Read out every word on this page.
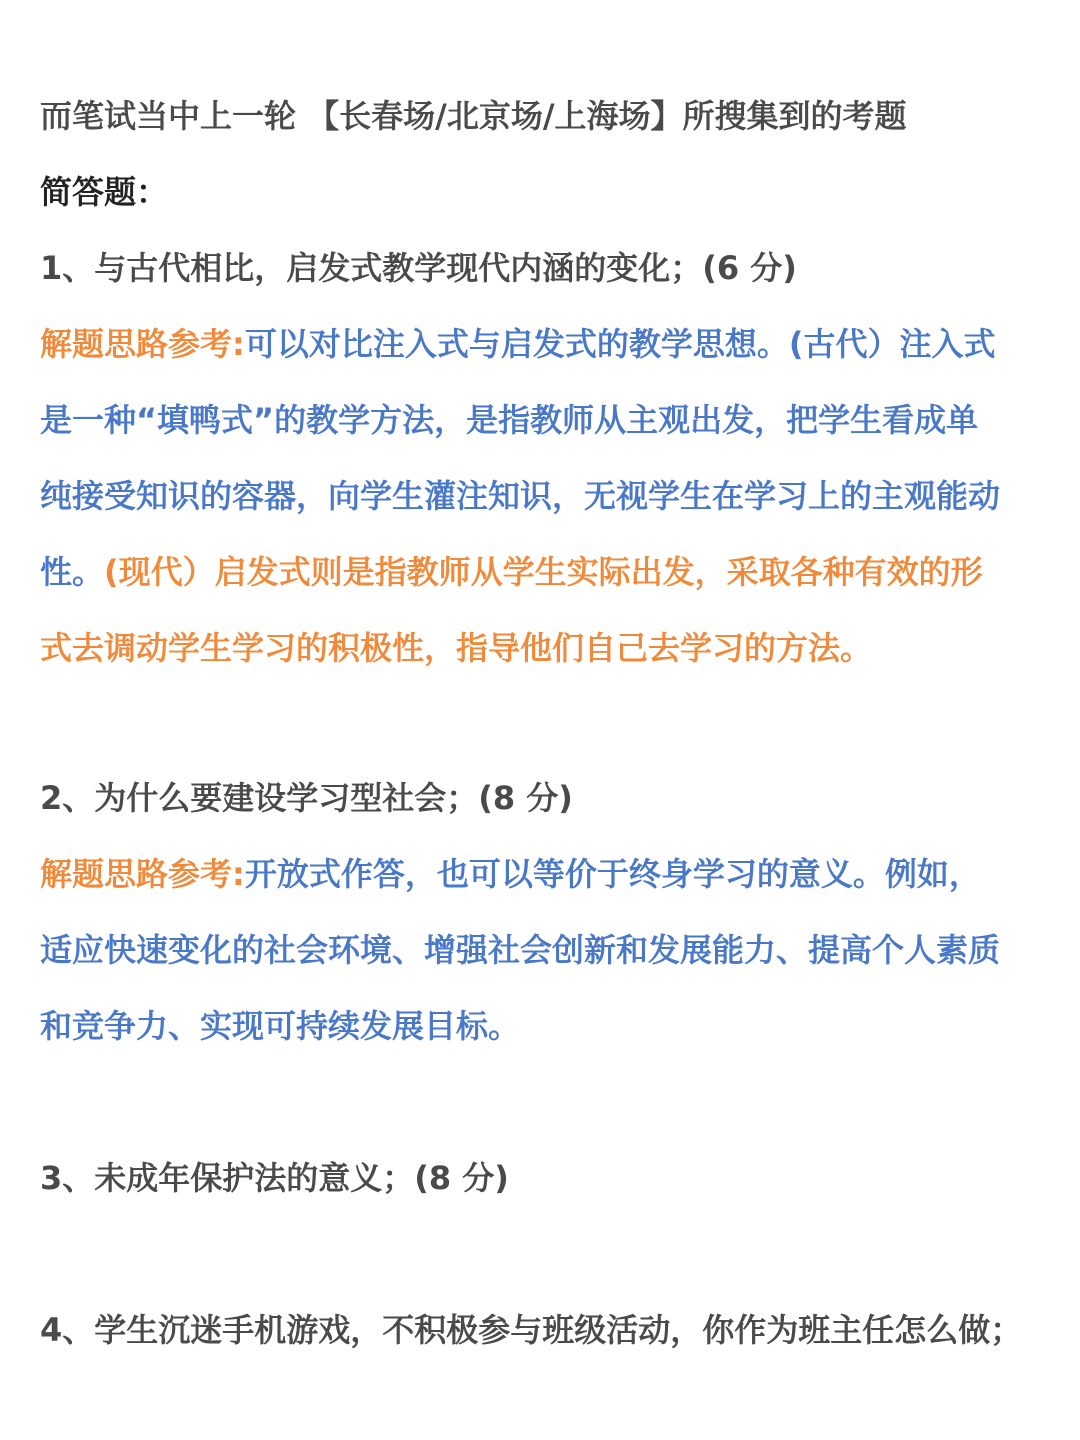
而笔试当中上一轮 【长春场/北京场/上海场】所搜集到的考题
简答题：
1、与古代相比，启发式教学现代内涵的变化；(6 分)
解题思路参考:可以对比注入式与启发式的教学思想。(古代）注入式
是一种“填鸭式”的教学方法，是指教师从主观出发，把学生看成单
纯接受知识的容器，向学生灌注知识，无视学生在学习上的主观能动
性。(现代）启发式则是指教师从学生实际出发，采取各种有效的形
式去调动学生学习的积极性，指导他们自己去学习的方法。
2、为什么要建设学习型社会；(8 分)
解题思路参考:开放式作答，也可以等价于终身学习的意义。例如，
适应快速变化的社会环境、增强社会创新和发展能力、提高个人素质
和竞争力、实现可持续发展目标。
3、未成年保护法的意义；(8 分)
4、学生沉迷手机游戏，不积极参与班级活动，你作为班主任怎么做；
